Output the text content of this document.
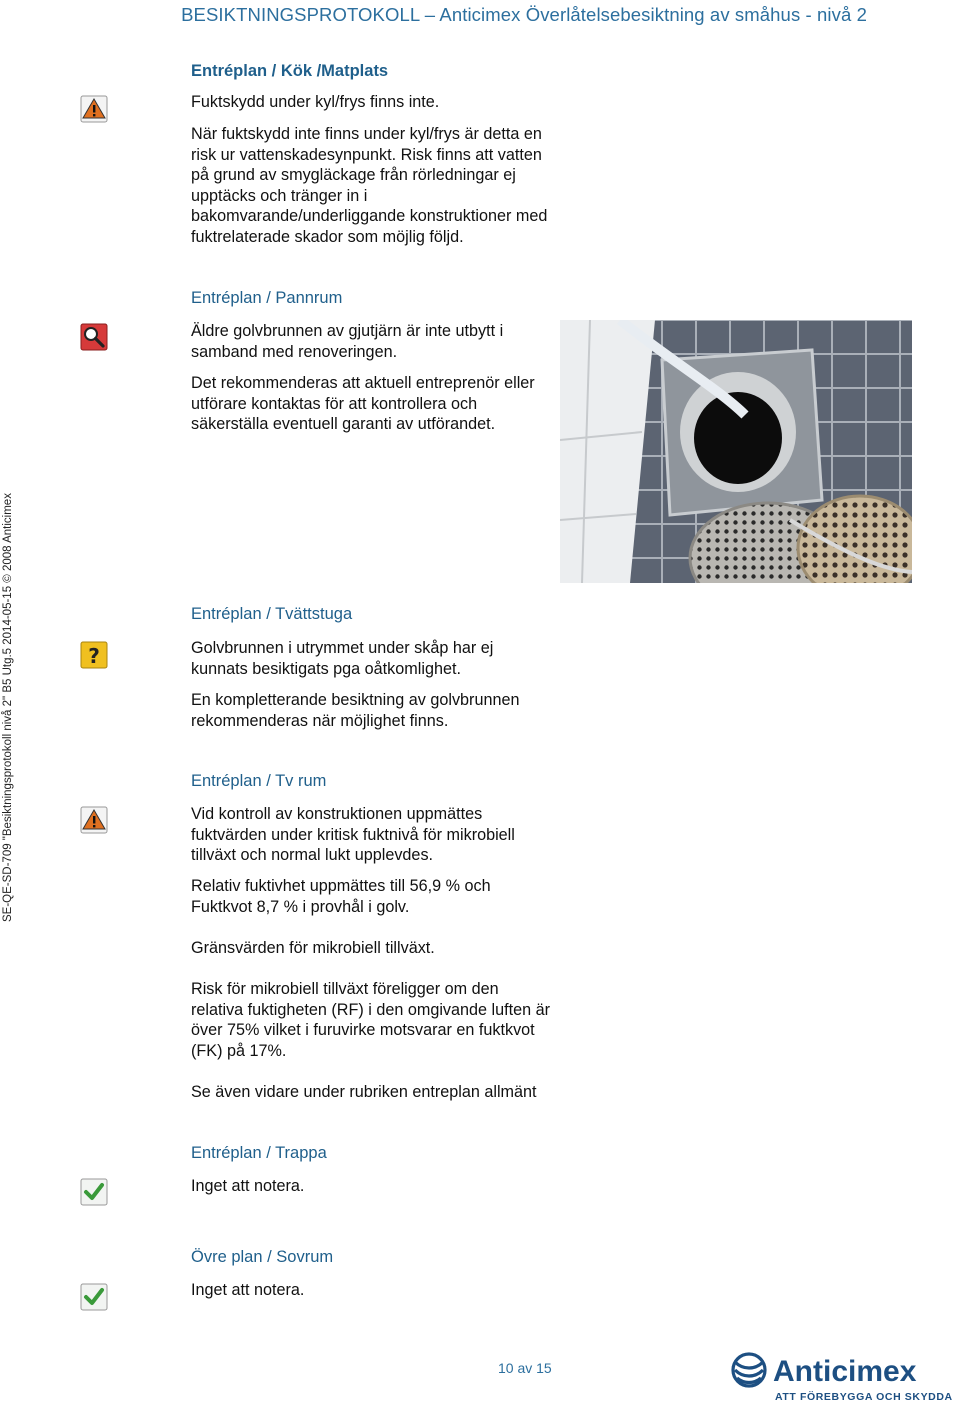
BESIKTNINGSPROTOKOLL – Anticimex Överlåtelsebesiktning av småhus - nivå 2
SE-QE-SD-709 "Besiktningsprotokoll nivå 2" B5 Utg.5 2014-05-15 © 2008 Anticimex
Entréplan / Kök /Matplats
Fuktskydd under kyl/frys finns inte.
När fuktskydd inte finns under kyl/frys är detta en risk ur vattenskadesynpunkt. Risk finns att vatten på grund av smygläckage från rörledningar ej upptäcks och tränger in i bakomvarande/underliggande konstruktioner med fuktrelaterade skador som möjlig följd.
Entréplan / Pannrum
Äldre golvbrunnen av gjutjärn är inte utbytt i samband med renoveringen.
Det rekommenderas att aktuell entreprenör eller utförare kontaktas för att kontrollera och säkerställa eventuell garanti av utförandet.
Entréplan / Tvättstuga
?	Golvbrunnen i utrymmet under skåp har ej kunnats besiktigats pga oåtkomlighet.
En kompletterande besiktning av golvbrunnen rekommenderas när möjlighet finns.
Entréplan / Tv rum
Vid kontroll av konstruktionen uppmättes fuktvärden under kritisk fuktnivå för mikrobiell tillväxt och normal lukt upplevdes.
Relativ fuktivhet uppmättes till 56,9 % och Fuktkvot 8,7 % i provhål i golv.
Gränsvärden för mikrobiell tillväxt.
Risk för mikrobiell tillväxt föreligger om den relativa fuktigheten (RF) i den omgivande luften är över 75% vilket i furuvirke motsvarar en fuktkvot (FK) på 17%.
Se även vidare under rubriken entreplan allmänt
Entréplan / Trappa
Inget att notera.
Övre plan / Sovrum
Inget att notera.
10 av 15	Anticimex
ATT FÖREBYGGA OCH SKYDDA
